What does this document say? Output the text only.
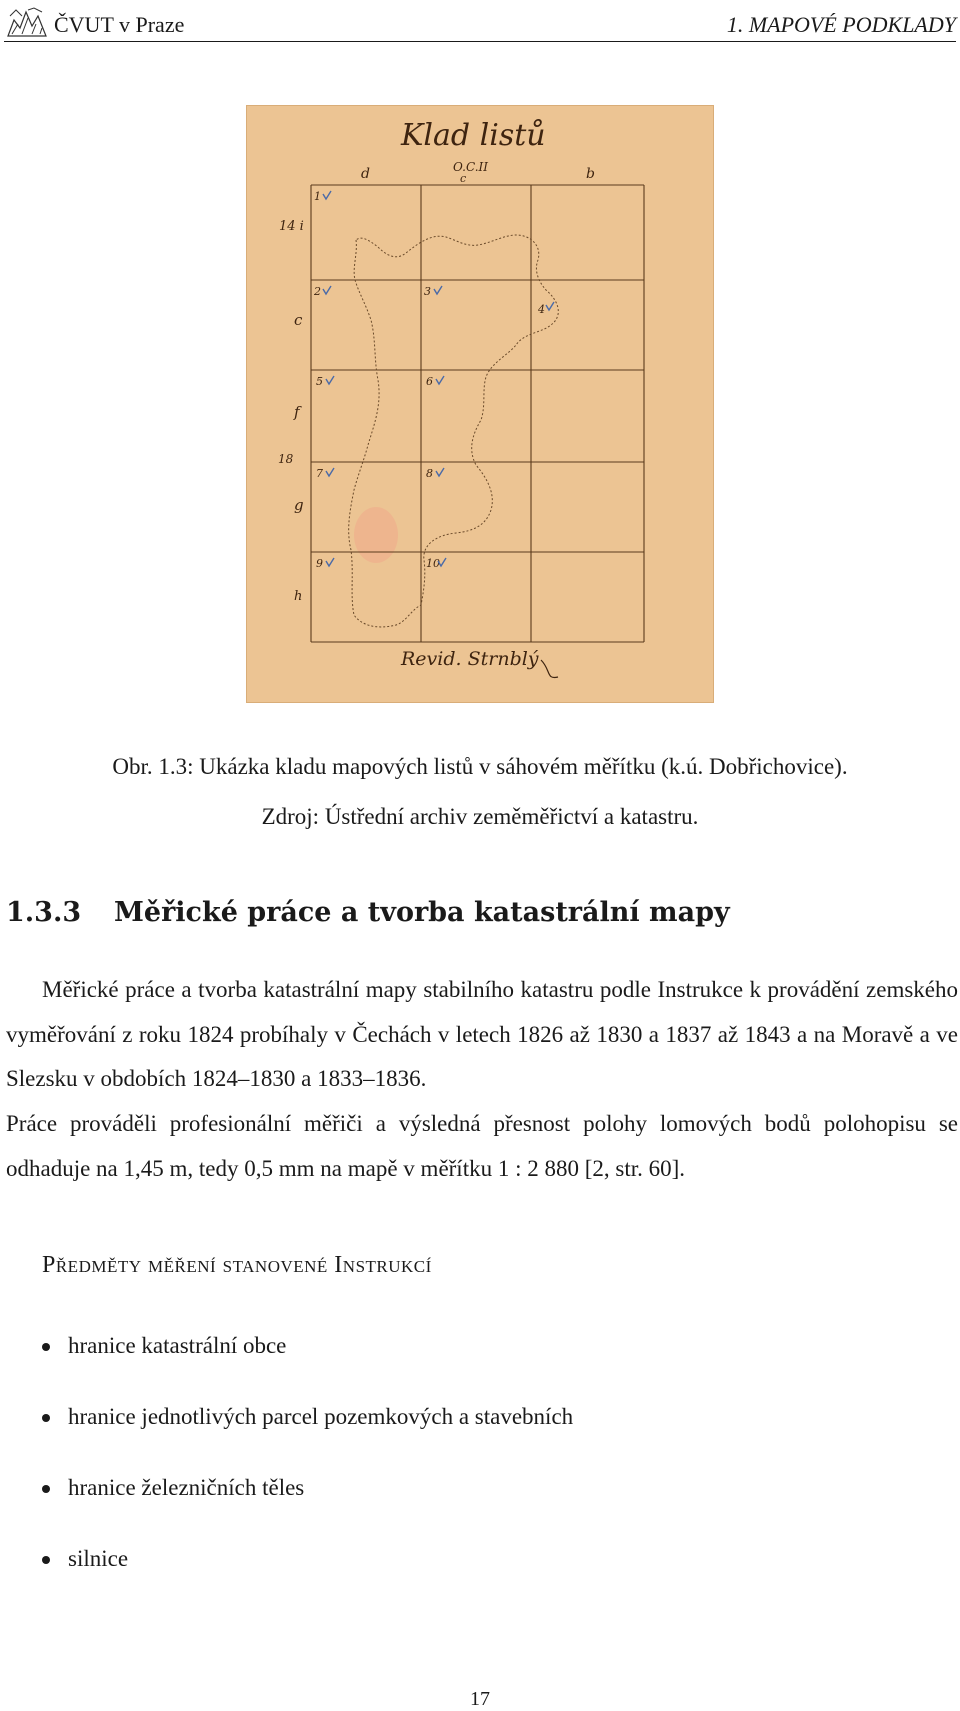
ČVUT v Praze	1. MAPOVÉ PODKLADY
Klad listů
O.C.II
c
d	b
14 i
c
f
18
g
h
1
2	3
4
5	6
7	8
9	10
Revid. Strnblý
Obr. 1.3: Ukázka kladu mapových listů v sáhovém měřítku (k.ú. Dobřichovice).
Zdroj: Ústřední archiv zeměměřictví a katastru.
1.3.3 Měřické práce a tvorba katastrální mapy

Měřické práce a tvorba katastrální mapy stabilního katastru podle Instrukce k provádění zemského vyměřování z roku 1824 probíhaly v Čechách v letech 1826 až 1830 a 1837 až 1843 a na Moravě a ve Slezsku v obdobích 1824–1830 a 1833–1836.

Práce prováděli profesionální měřiči a výsledná přesnost polohy lomových bodů polohopisu se odhaduje na 1,45 m, tedy 0,5 mm na mapě v měřítku 1 : 2 880 [2, str. 60].

Předměty měření stanovené Instrukcí
hranice katastrální obce
hranice jednotlivých parcel pozemkových a stavebních
hranice železničních těles
silnice
17
